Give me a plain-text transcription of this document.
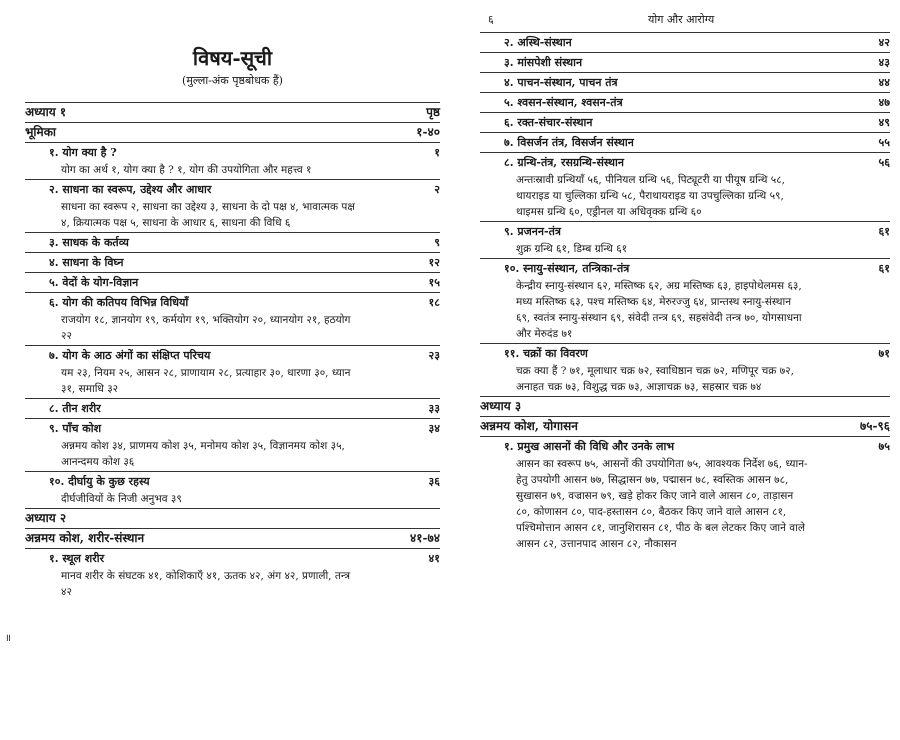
विषय-सूची
(मुल्ला-अंक पृष्ठबोधक हैं)
अध्याय १	पृष्ठ
भूमिका	१-४०
१. योग क्या है ?	१
योग का अर्थ १, योग क्या है ? १, योग की उपयोगिता और महत्त्व १
२. साधना का स्वरूप, उद्देश्य और आधार	२
साधना का स्वरूप २, साधना का उद्देश्य ३, साधना के दो पक्ष ४, भावात्मक पक्ष ४, क्रियात्मक पक्ष ५, साधना के आधार ६, साधना की विधि ६
३. साधक के कर्तव्य	९
४. साधना के विघ्न	१२
५. वेदों के योग-विज्ञान	१५
६. योग की कतिपय विभिन्न विधियाँ	१८
राजयोग १८, ज्ञानयोग १९, कर्मयोग १९, भक्तियोग २०, ध्यानयोग २१, हठयोग २२
७. योग के आठ अंगों का संक्षिप्त परिचय	२३
यम २३, नियम २५, आसन २८, प्राणायाम २८, प्रत्याहार ३०, धारणा ३०, ध्यान ३१, समाधि ३२
८. तीन शरीर	३३
९. पाँच कोश	३४
अन्नमय कोश ३४, प्राणमय कोश ३५, मनोमय कोश ३५, विज्ञानमय कोश ३५, आनन्दमय कोश ३६
१०. दीर्घायु के कुछ रहस्य	३६
दीर्घजीवियों के निजी अनुभव ३९
अध्याय २
अन्नमय कोश, शरीर-संस्थान	४१-७४
१. स्थूल शरीर	४१
मानव शरीर के संघटक ४१, कोशिकाएँ ४१, ऊतक ४२, अंग ४२, प्रणाली, तन्त्र ४२
६	योग और आरोग्य
२. अस्थि-संस्थान	४२
३. मांसपेशी संस्थान	४३
४. पाचन-संस्थान, पाचन तंत्र	४४
५. श्वसन-संस्थान, श्वसन-तंत्र	४७
६. रक्त-संचार-संस्थान	४९
७. विसर्जन तंत्र, विसर्जन संस्थान	५५
८. ग्रन्थि-तंत्र, रसग्रन्थि-संस्थान	५६
अन्तःस्रावी ग्रन्थियाँ ५६, पीनियल ग्रन्थि ५६, पिट्यूटरी या पीयूष ग्रन्थि ५८, थायराइड या चुल्लिका ग्रन्थि ५८, पैराथायराइड या उपचुल्लिका ग्रन्थि ५९, थाइमस ग्रन्थि ६०, एड्रीनल या अधिवृक्क ग्रन्थि ६०
९. प्रजनन-तंत्र	६१
शुक्र ग्रन्थि ६१, डिम्ब ग्रन्थि ६१
१०. स्नायु-संस्थान, तन्त्रिका-तंत्र	६१
केन्द्रीय स्नायु-संस्थान ६२, मस्तिष्क ६२, अग्र मस्तिष्क ६३, हाइपोथेलमस ६३, मध्य मस्तिष्क ६३, पश्च मस्तिष्क ६४, मेरुरज्जु ६४, प्रान्तस्थ स्नायु-संस्थान ६९, स्वतंत्र स्नायु-संस्थान ६९, संवेदी तन्त्र ६९, सहसंवेदी तन्त्र ७०, योगसाधना और मेरुदंड ७१
११. चक्रों का विवरण	७१
चक्र क्या हैं ? ७१, मूलाधार चक्र ७२, स्वाधिष्ठान चक्र ७२, मणिपूर चक्र ७२, अनाहत चक्र ७३, विशुद्ध चक्र ७३, आज्ञाचक्र ७३, सहस्रार चक्र ७४
अध्याय ३
अन्नमय कोश, योगासन	७५-९६
१. प्रमुख आसनों की विधि और उनके लाभ	७५
आसन का स्वरूप ७५, आसनों की उपयोगिता ७५, आवश्यक निर्देश ७६, ध्यान-हेतु उपयोगी आसन ७७, सिद्धासन ७७, पद्मासन ७८, स्वस्तिक आसन ७८, सुखासन ७९, वज्रासन ७९, खड़े होकर किए जाने वाले आसन ८०, ताड़ासन ८०, कोणासन ८०, पाद-हस्तासन ८०, बैठकर किए जाने वाले आसन ८१, पश्चिमोत्तान आसन ८१, जानुशिरासन ८१, पीठ के बल लेटकर किए जाने वाले आसन ८२, उत्तानपाद आसन ८२, नौकासन
॥
